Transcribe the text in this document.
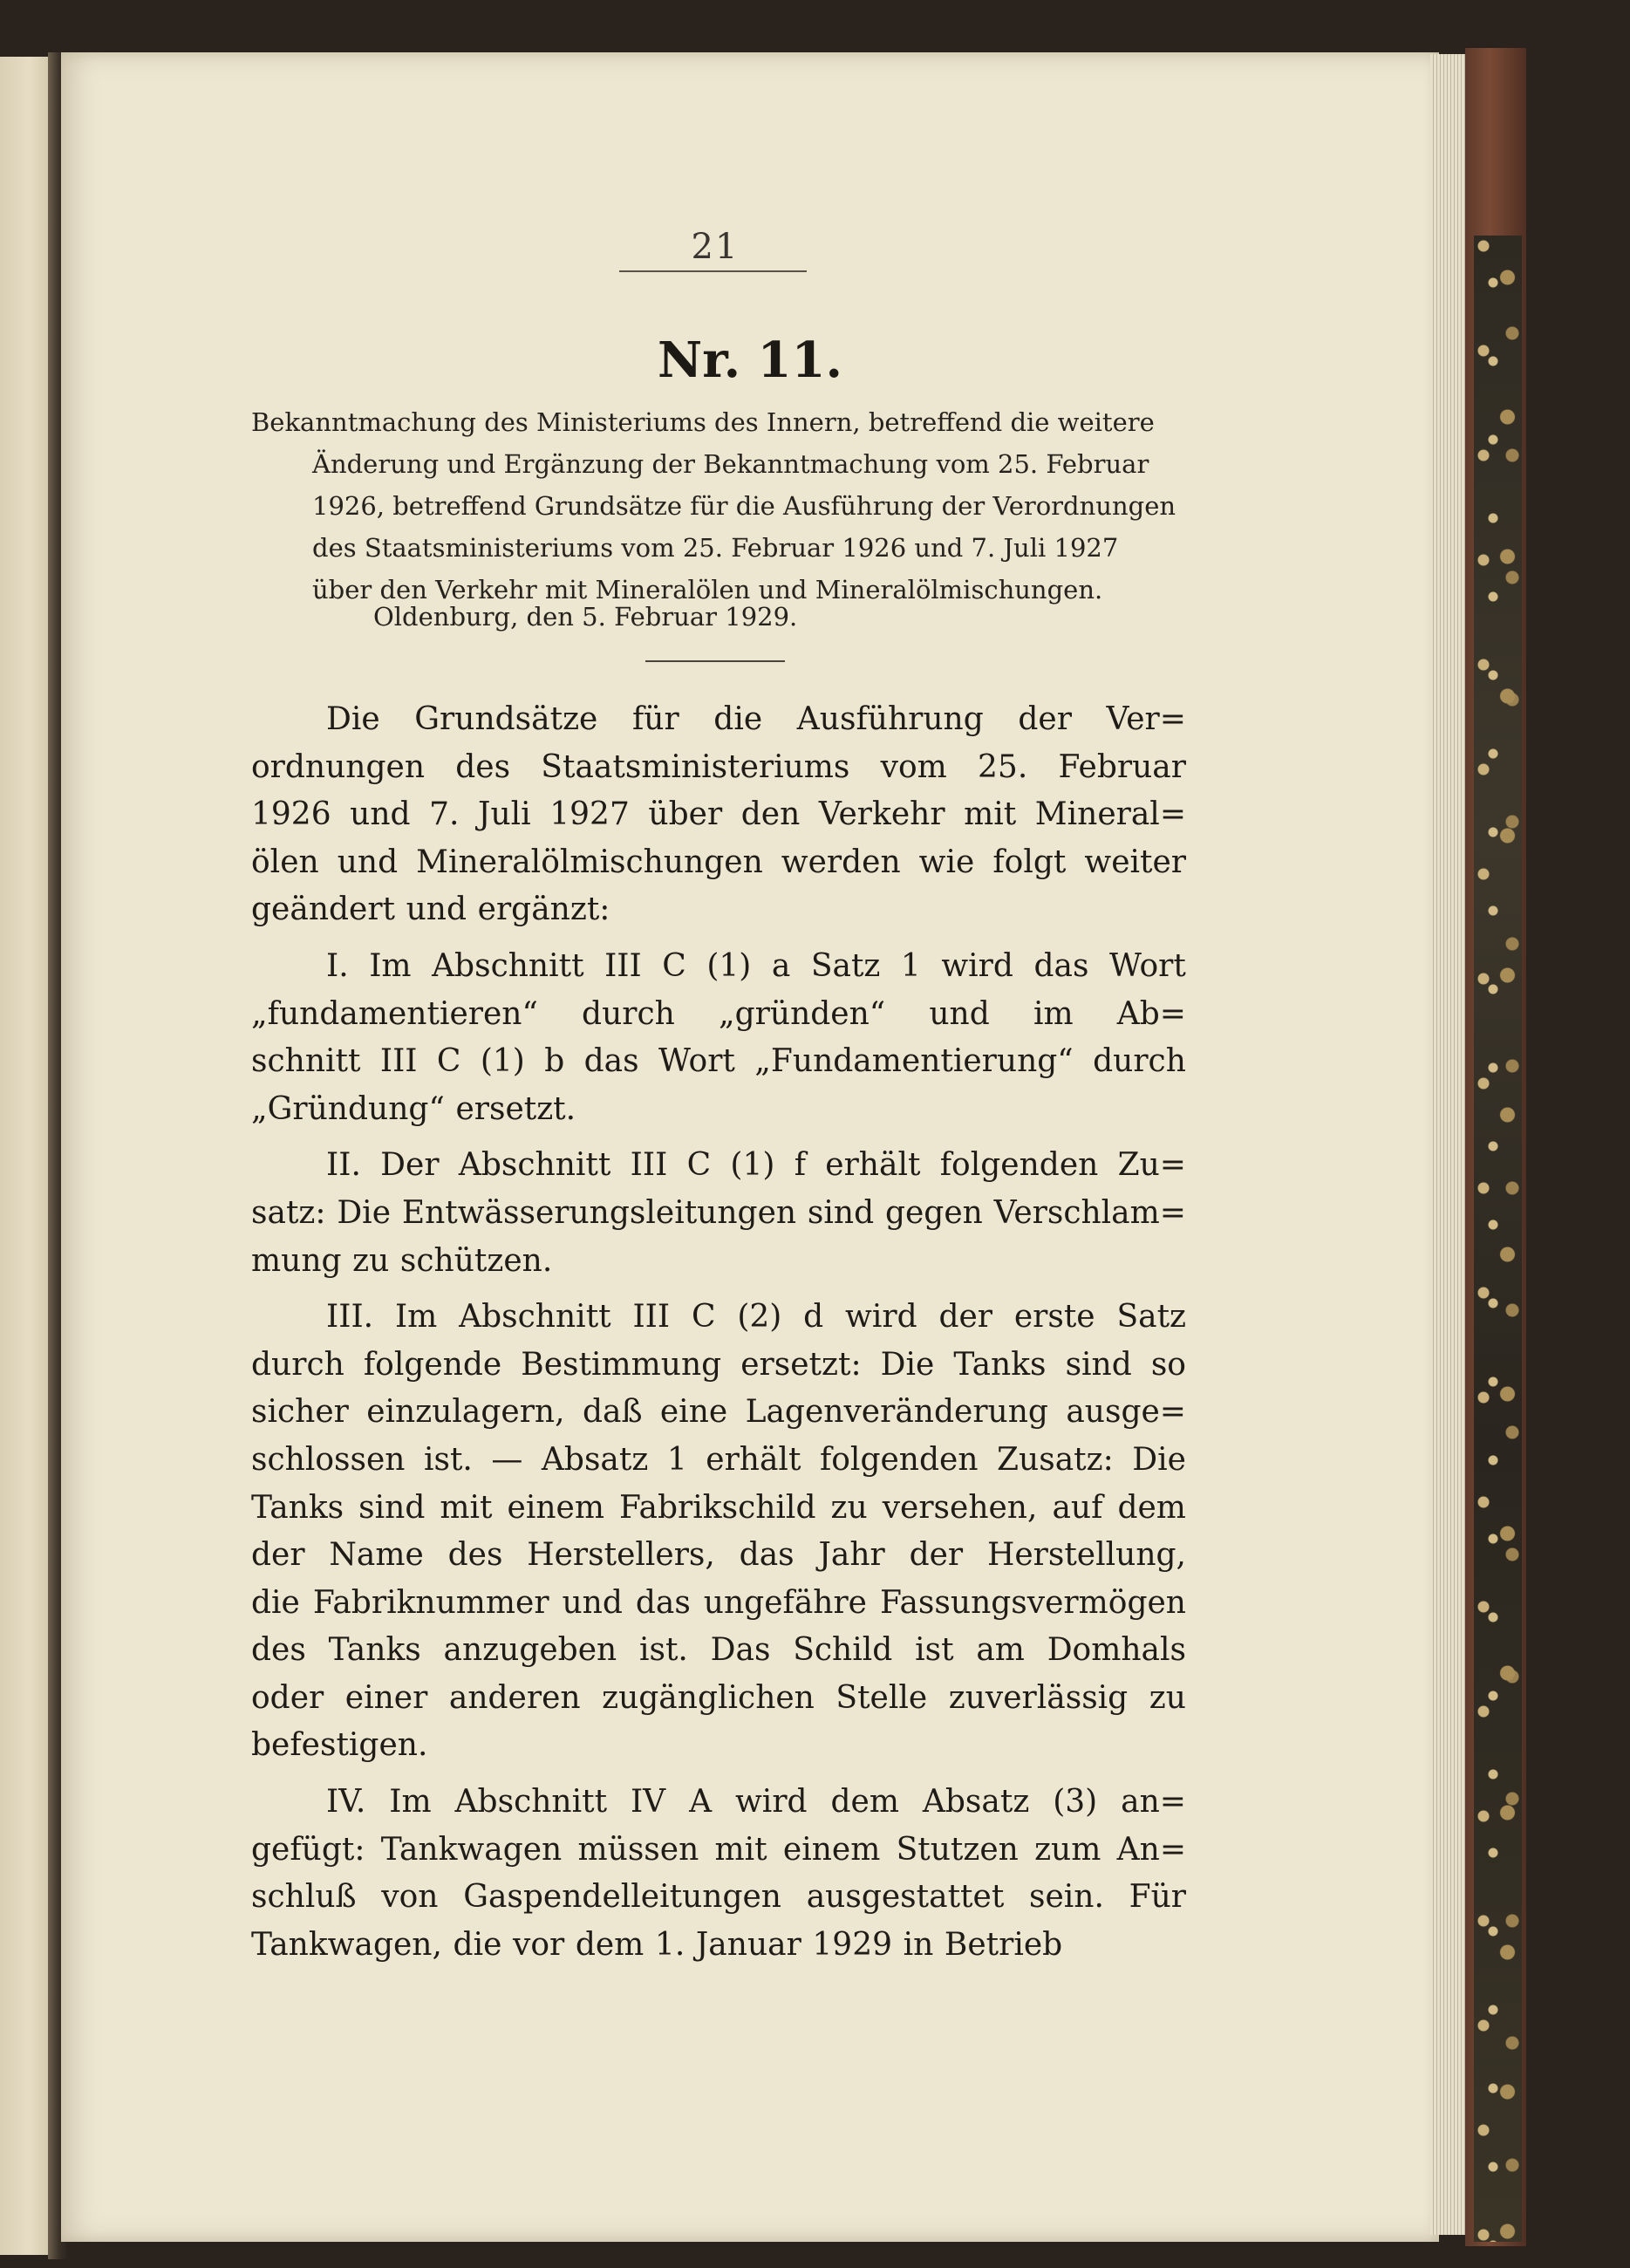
21
Nr. 11.
Bekanntmachung des Ministeriums des Innern, betreffend die weitere
Änderung und Ergänzung der Bekanntmachung vom 25. Februar
1926, betreffend Grundsätze für die Ausführung der Verordnungen
des Staatsministeriums vom 25. Februar 1926 und 7. Juli 1927
über den Verkehr mit Mineralölen und Mineralölmischungen.
Oldenburg, den 5. Februar 1929.
Die Grundsätze für die Ausführung der Ver=
ordnungen des Staatsministeriums vom 25. Februar
1926 und 7. Juli 1927 über den Verkehr mit Mineral=
ölen und Mineralölmischungen werden wie folgt weiter
geändert und ergänzt:
I. Im Abschnitt III C (1) a Satz 1 wird das Wort
„fundamentieren“ durch „gründen“ und im Ab=
schnitt III C (1) b das Wort „Fundamentierung“ durch
„Gründung“ ersetzt.
II. Der Abschnitt III C (1) f erhält folgenden Zu=
satz: Die Entwässerungsleitungen sind gegen Verschlam=
mung zu schützen.
III. Im Abschnitt III C (2) d wird der erste Satz
durch folgende Bestimmung ersetzt: Die Tanks sind so
sicher einzulagern, daß eine Lagenveränderung ausge=
schlossen ist. — Absatz 1 erhält folgenden Zusatz: Die
Tanks sind mit einem Fabrikschild zu versehen, auf dem
der Name des Herstellers, das Jahr der Herstellung,
die Fabriknummer und das ungefähre Fassungsvermögen
des Tanks anzugeben ist. Das Schild ist am Domhals
oder einer anderen zugänglichen Stelle zuverlässig zu
befestigen.
IV. Im Abschnitt IV A wird dem Absatz (3) an=
gefügt: Tankwagen müssen mit einem Stutzen zum An=
schluß von Gaspendelleitungen ausgestattet sein. Für
Tankwagen, die vor dem 1. Januar 1929 in Betrieb
